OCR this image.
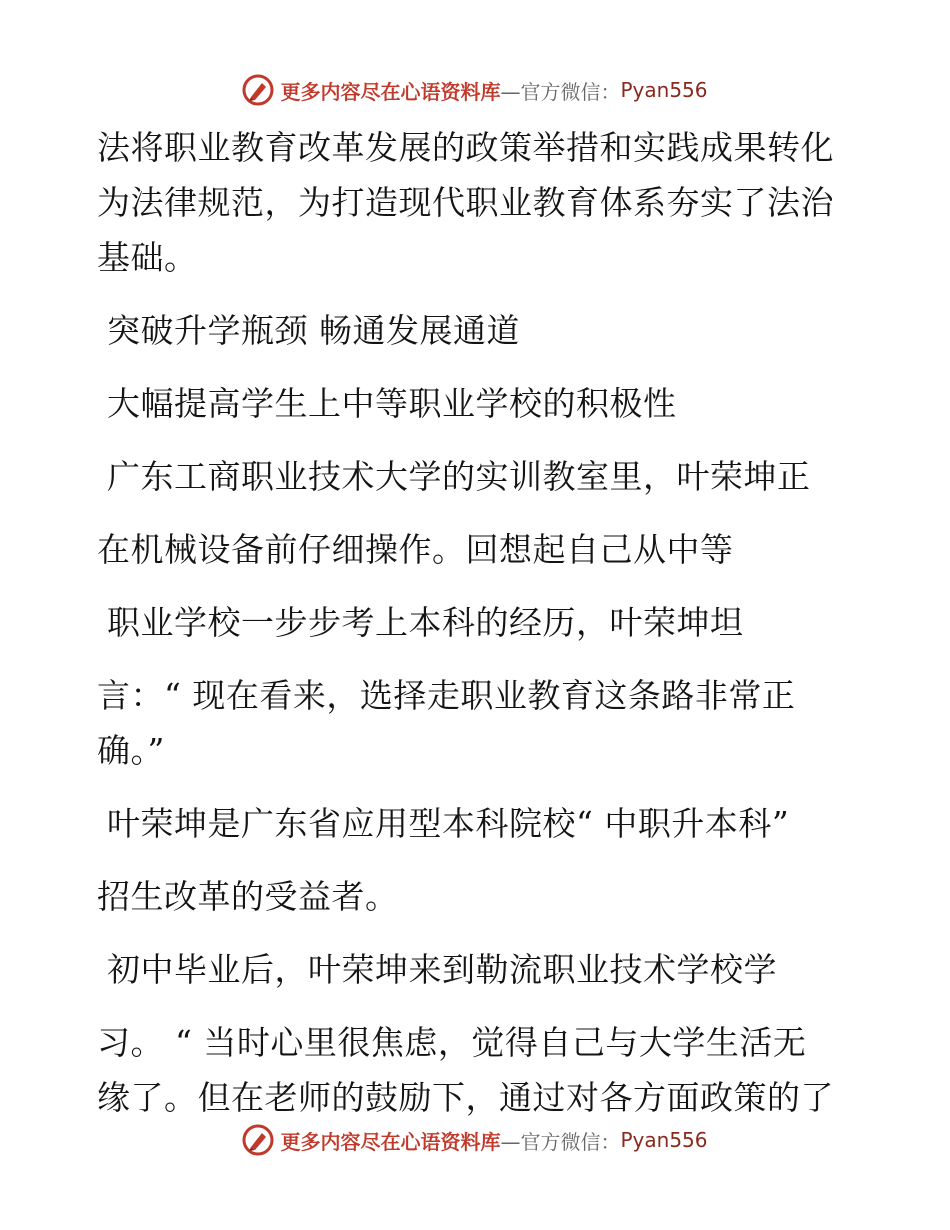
更多内容尽在心语资料库 —官方微信： Pyan556
法将职业教育改革发展的政策举措和实践成果转化
为法律规范，为打造现代职业教育体系夯实了法治
基础。
突破升学瓶颈 畅通发展通道
大幅提高学生上中等职业学校的积极性
广东工商职业技术大学的实训教室里，叶荣坤正
在机械设备前仔细操作。回想起自己从中等
职业学校一步步考上本科的经历，叶荣坤坦
言：“ 现在看来，选择走职业教育这条路非常正
确。”
叶荣坤是广东省应用型本科院校“ 中职升本科”
招生改革的受益者。
初中毕业后，叶荣坤来到勒流职业技术学校学
习。 “ 当时心里很焦虑，觉得自己与大学生活无
缘了。但在老师的鼓励下，通过对各方面政策的了
更多内容尽在心语资料库 —官方微信： Pyan556
